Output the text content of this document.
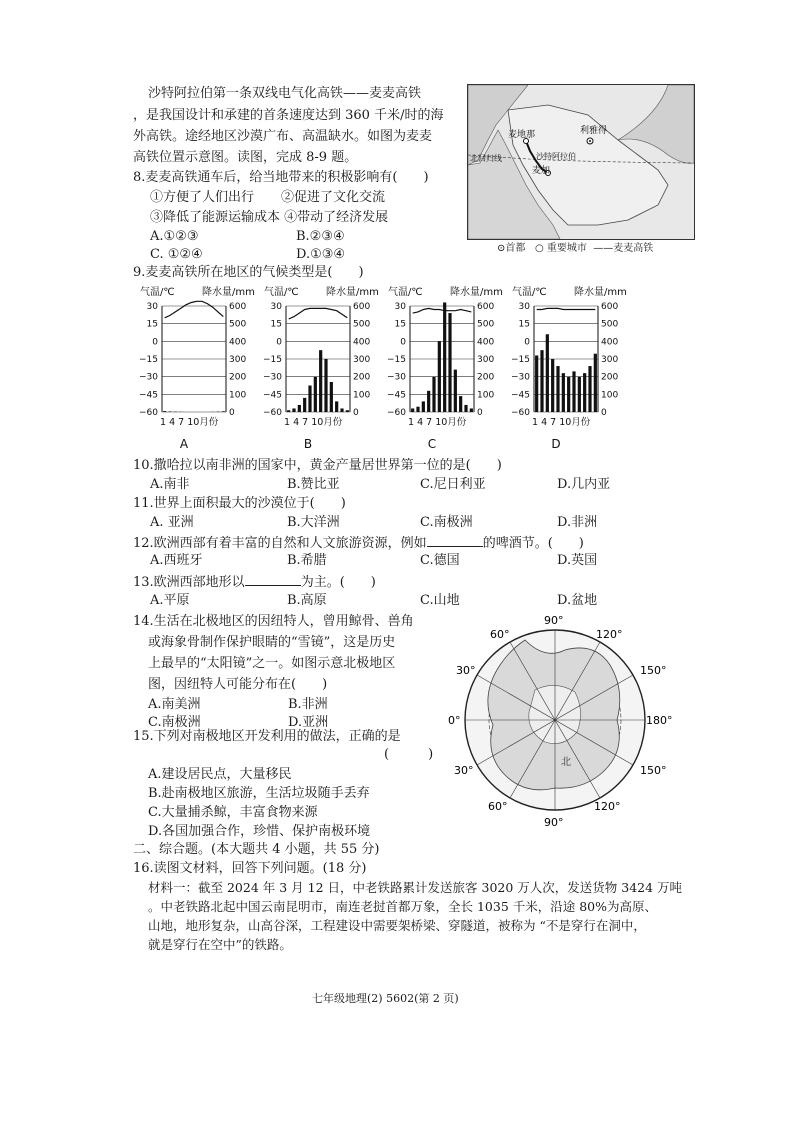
沙特阿拉伯第一条双线电气化高铁——麦麦高铁
，是我国设计和承建的首条速度达到 360 千米/时的海
外高铁。途经地区沙漠广布、高温缺水。如图为麦麦
高铁位置示意图。读图，完成 8-9 题。
麦地那	利雅得
沙特阿拉伯
麦加
北回归线
⊙首都 ○ 重要城市 ——麦麦高铁
8.麦麦高铁通车后，给当地带来的积极影响有(　　)
①方便了人们出行 ②促进了文化交流
③降低了能源运输成本 ④带动了经济发展
A.①②③	B.②③④
C. ①②④	D.①③④
9.麦麦高铁所在地区的气候类型是(　　)
气温/℃	降水量/mm
30
15
0
−15
−30
−45
−60
600
500
400
300
200
100
0
1 4 7 10月份
A
气温/℃	降水量/mm
30
15
0
−15
−30
−45
−60
600
500
400
300
200
100
0
1 4 7 10月份
B
气温/℃	降水量/mm
30
15
0
−15
−30
−45
−60
600
500
400
300
200
100
0
1 4 7 10月份
C
气温/℃	降水量/mm
30
15
0
−15
−30
−45
−60
600
500
400
300
200
100
0
1 4 7 10月份
D
10.撒哈拉以南非洲的国家中，黄金产量居世界第一位的是(　　)
A.南非	B.赞比亚	C.尼日利亚	D.几内亚
11.世界上面积最大的沙漠位于(　　)
A. 亚洲	B.大洋洲	C.南极洲	D.非洲
12.欧洲西部有着丰富的自然和人文旅游资源，例如	的啤酒节。(　　)
A.西班牙	B.希腊	C.德国	D.英国
13.欧洲西部地形以	为主。(　　)
A.平原	B.高原	C.山地	D.盆地
14.生活在北极地区的因纽特人，曾用鲸骨、兽角
或海象骨制作保护眼睛的“雪镜”，这是历史
上最早的“太阳镜”之一。如图示意北极地区
图，因纽特人可能分布在(　　)
A.南美洲	B.非洲
C.南极洲	D.亚洲
北
60°
90°
120°
30°	150°
0°	180°
30°	150°
60°	120°
90°
15.下列对南极地区开发利用的做法，正确的是
(　　　)
A.建设居民点，大量移民
B.赴南极地区旅游，生活垃圾随手丢弃
C.大量捕杀鲸，丰富食物来源
D.各国加强合作，珍惜、保护南极环境
二、综合题。(本大题共 4 小题，共 55 分)
16.读图文材料，回答下列问题。(18 分)
材料一：截至 2024 年 3 月 12 日，中老铁路累计发送旅客 3020 万人次，发送货物 3424 万吨
。中老铁路北起中国云南昆明市，南连老挝首都万象，全长 1035 千米，沿途 80%为高原、
山地，地形复杂，山高谷深，工程建设中需要架桥梁、穿隧道，被称为 “不是穿行在洞中，
就是穿行在空中”的铁路。
七年级地理(2) 5602(第 2 页)
